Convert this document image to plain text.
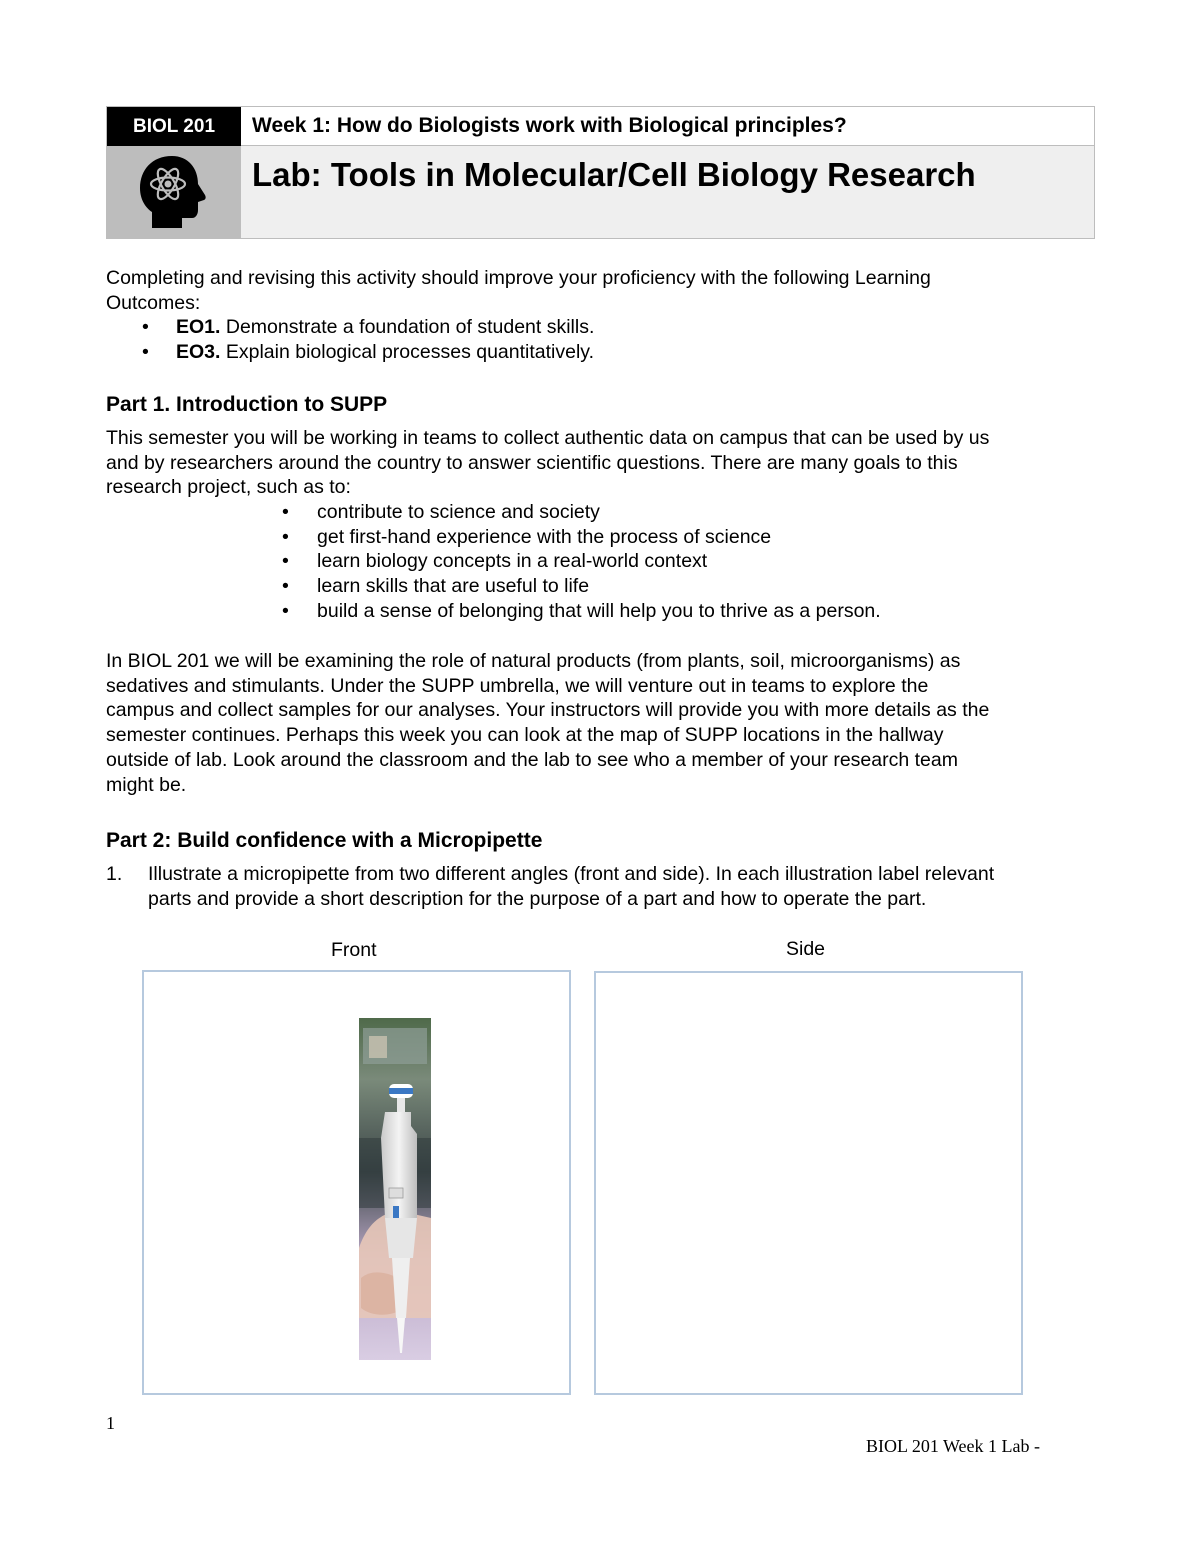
BIOL 201	Week 1: How do Biologists work with Biological principles?
Lab: Tools in Molecular/Cell Biology Research
Completing and revising this activity should improve your proficiency with the following Learning
Outcomes:
• EO1. Demonstrate a foundation of student skills.
• EO3. Explain biological processes quantitatively.
Part 1. Introduction to SUPP
This semester you will be working in teams to collect authentic data on campus that can be used by us
and by researchers around the country to answer scientific questions. There are many goals to this
research project, such as to:
• contribute to science and society
• get first-hand experience with the process of science
• learn biology concepts in a real-world context
• learn skills that are useful to life
• build a sense of belonging that will help you to thrive as a person.
In BIOL 201 we will be examining the role of natural products (from plants, soil, microorganisms) as
sedatives and stimulants. Under the SUPP umbrella, we will venture out in teams to explore the
campus and collect samples for our analyses. Your instructors will provide you with more details as the
semester continues. Perhaps this week you can look at the map of SUPP locations in the hallway
outside of lab. Look around the classroom and the lab to see who a member of your research team
might be.
Part 2: Build confidence with a Micropipette
1. Illustrate a micropipette from two different angles (front and side). In each illustration label relevant
parts and provide a short description for the purpose of a part and how to operate the part.
Front	Side
1
BIOL 201 Week 1 Lab -
